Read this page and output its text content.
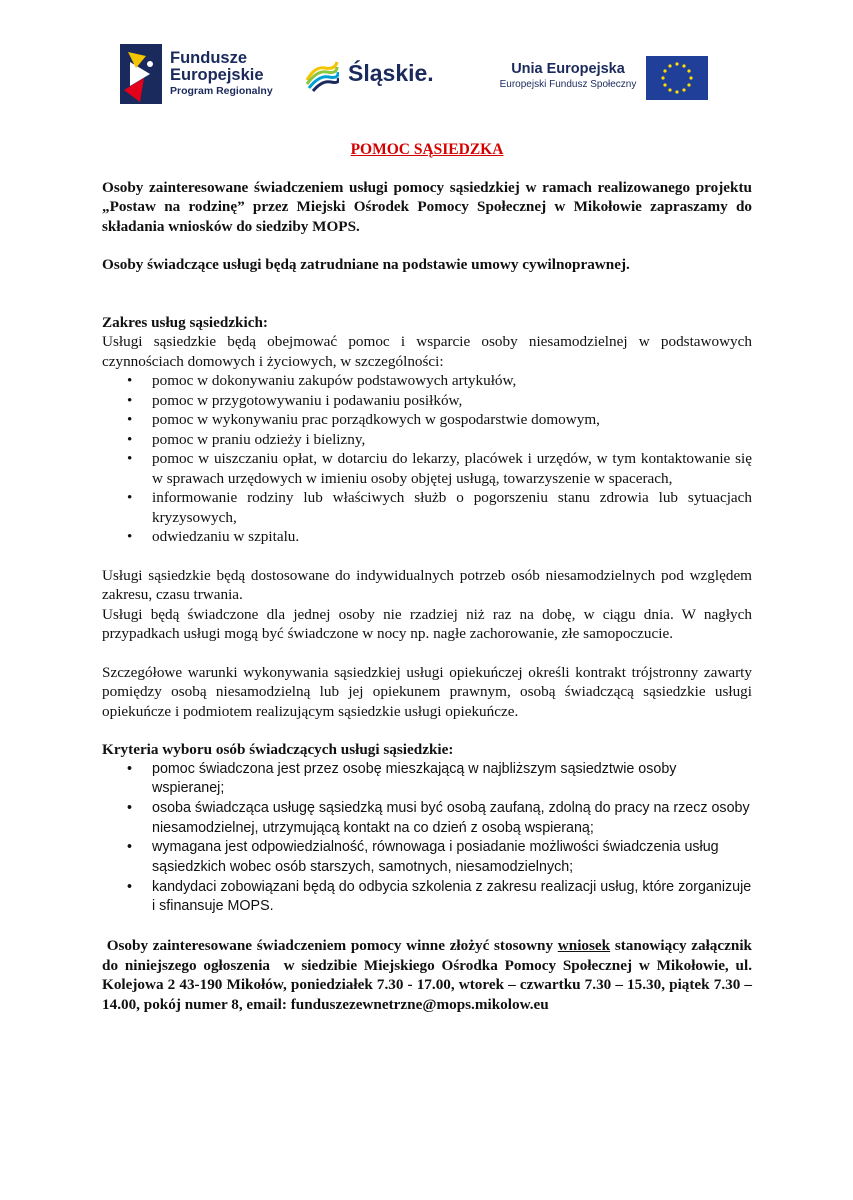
Fundusze
Europejskie
Program Regionalny
Śląskie.	Unia Europejska
Europejski Fundusz Społeczny

POMOC SĄSIEDZKA

Osoby zainteresowane świadczeniem usługi pomocy sąsiedzkiej w ramach realizowanego projektu „Postaw na rodzinę” przez Miejski Ośrodek Pomocy Społecznej w Mikołowie zapraszamy do składania wniosków do siedziby MOPS.

Osoby świadczące usługi będą zatrudniane na podstawie umowy cywilnoprawnej.

Zakres usług sąsiedzkich:

Usługi sąsiedzkie będą obejmować pomoc i wsparcie osoby niesamodzielnej w podstawowych czynnościach domowych i życiowych, w szczególności:

• pomoc w dokonywaniu zakupów podstawowych artykułów,
• pomoc w przygotowywaniu i podawaniu posiłków,
• pomoc w wykonywaniu prac porządkowych w gospodarstwie domowym,
• pomoc w praniu odzieży i bielizny,
• pomoc w uiszczaniu opłat, w dotarciu do lekarzy, placówek i urzędów, w tym kontaktowanie się w sprawach urzędowych w imieniu osoby objętej usługą, towarzyszenie w spacerach,
• informowanie rodziny lub właściwych służb o pogorszeniu stanu zdrowia lub sytuacjach kryzysowych,
• odwiedzaniu w szpitalu.

Usługi sąsiedzkie będą dostosowane do indywidualnych potrzeb osób niesamodzielnych pod względem zakresu, czasu trwania.

Usługi będą świadczone dla jednej osoby nie rzadziej niż raz na dobę, w ciągu dnia. W nagłych przypadkach usługi mogą być świadczone w nocy np. nagłe zachorowanie, złe samopoczucie.

Szczegółowe warunki wykonywania sąsiedzkiej usługi opiekuńczej określi kontrakt trójstronny zawarty pomiędzy osobą niesamodzielną lub jej opiekunem prawnym, osobą świadczącą sąsiedzkie usługi opiekuńcze i podmiotem realizującym sąsiedzkie usługi opiekuńcze.

Kryteria wyboru osób świadczących usługi sąsiedzkie:

• pomoc świadczona jest przez osobę mieszkającą w najbliższym sąsiedztwie osoby wspieranej;
• osoba świadcząca usługę sąsiedzką musi być osobą zaufaną, zdolną do pracy na rzecz osoby niesamodzielnej, utrzymującą kontakt na co dzień z osobą wspieraną;
• wymagana jest odpowiedzialność, równowaga i posiadanie możliwości świadczenia usług sąsiedzkich wobec osób starszych, samotnych, niesamodzielnych;
• kandydaci zobowiązani będą do odbycia szkolenia z zakresu realizacji usług, które zorganizuje i sfinansuje MOPS.

Osoby zainteresowane świadczeniem pomocy winne złożyć stosowny wniosek stanowiący załącznik do niniejszego ogłoszenia  w siedzibie Miejskiego Ośrodka Pomocy Społecznej w Mikołowie, ul. Kolejowa 2 43-190 Mikołów, poniedziałek 7.30 - 17.00, wtorek – czwartku 7.30 – 15.30, piątek 7.30 – 14.00, pokój numer 8, email: funduszezewnetrzne@mops.mikolow.eu
